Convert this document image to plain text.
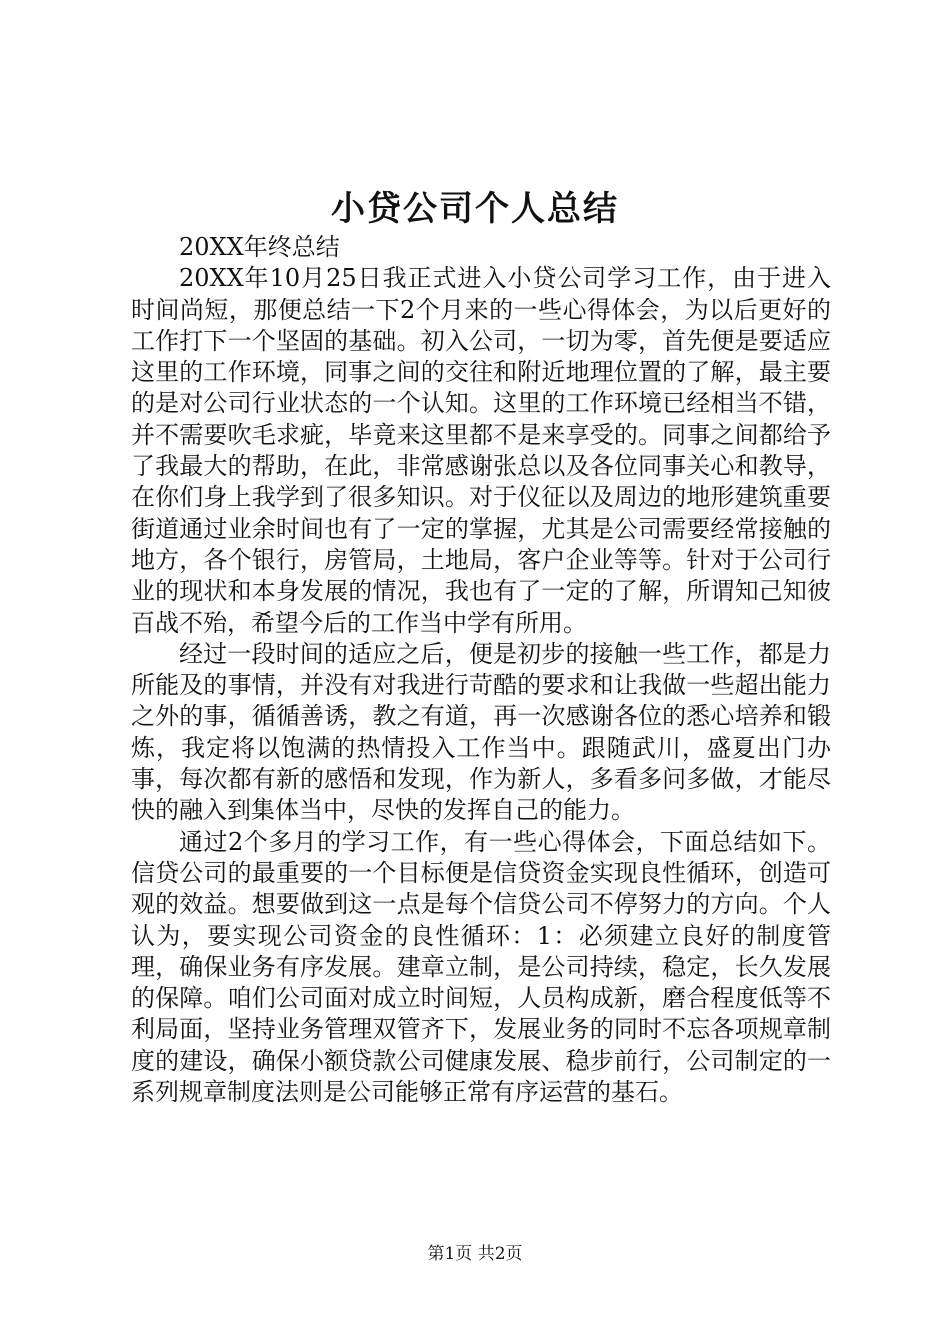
小贷公司个人总结

20XX年终总结

20XX年10月25日我正式进入小贷公司学习工作，由于进入时间尚短，那便总结一下2个月来的一些心得体会，为以后更好的工作打下一个坚固的基础。初入公司，一切为零，首先便是要适应这里的工作环境，同事之间的交往和附近地理位置的了解，最主要的是对公司行业状态的一个认知。这里的工作环境已经相当不错，并不需要吹毛求疵，毕竟来这里都不是来享受的。同事之间都给予了我最大的帮助，在此，非常感谢张总以及各位同事关心和教导，在你们身上我学到了很多知识。对于仪征以及周边的地形建筑重要街道通过业余时间也有了一定的掌握，尤其是公司需要经常接触的地方，各个银行，房管局，土地局，客户企业等等。针对于公司行业的现状和本身发展的情况，我也有了一定的了解，所谓知己知彼百战不殆，希望今后的工作当中学有所用。

经过一段时间的适应之后，便是初步的接触一些工作，都是力所能及的事情，并没有对我进行苛酷的要求和让我做一些超出能力之外的事，循循善诱，教之有道，再一次感谢各位的悉心培养和锻炼，我定将以饱满的热情投入工作当中。跟随武川，盛夏出门办事，每次都有新的感悟和发现，作为新人，多看多问多做，才能尽快的融入到集体当中，尽快的发挥自己的能力。

通过2个多月的学习工作，有一些心得体会，下面总结如下。信贷公司的最重要的一个目标便是信贷资金实现良性循环，创造可观的效益。想要做到这一点是每个信贷公司不停努力的方向。个人认为，要实现公司资金的良性循环：1：必须建立良好的制度管理，确保业务有序发展。建章立制，是公司持续，稳定，长久发展的保障。咱们公司面对成立时间短，人员构成新，磨合程度低等不利局面，坚持业务管理双管齐下，发展业务的同时不忘各项规章制度的建设，确保小额贷款公司健康发展、稳步前行，公司制定的一系列规章制度法则是公司能够正常有序运营的基石。

第1页 共2页
